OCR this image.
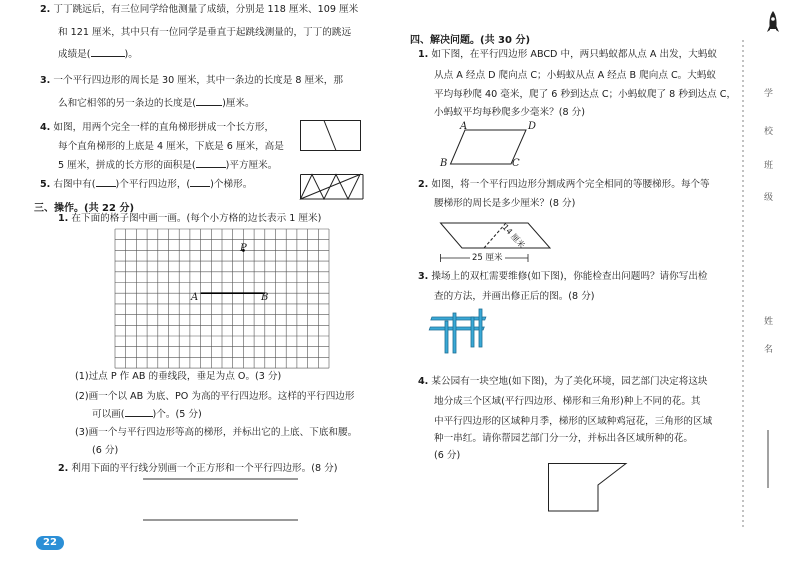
2. 丁丁跳远后，有三位同学给他测量了成绩，分别是 118 厘米、109 厘米
和 121 厘米，其中只有一位同学是垂直于起跳线测量的，丁丁的跳远
成绩是(	)。
3. 一个平行四边形的周长是 30 厘米，其中一条边的长度是 8 厘米，那
么和它相邻的另一条边的长度是(	)厘米。
4. 如图，用两个完全一样的直角梯形拼成一个长方形，
每个直角梯形的上底是 4 厘米，下底是 6 厘米，高是
5 厘米，拼成的长方形的面积是(	)平方厘米。
5. 右图中有( )个平行四边形，( )个梯形。
三、操作。(共 22 分)
1. 在下面的格子图中画一画。(每个小方格的边长表示 1 厘米)
P
A	B
(1)过点 P 作 AB 的垂线段，垂足为点 O。(3 分)
(2)画一个以 AB 为底、PO 为高的平行四边形。这样的平行四边形
可以画(	)个。(5 分)
(3)画一个与平行四边形等高的梯形，并标出它的上底、下底和腰。
(6 分)
2. 利用下面的平行线分别画一个正方形和一个平行四边形。(8 分)
22
四、解决问题。(共 30 分)
1. 如下图，在平行四边形 ABCD 中，两只蚂蚁都从点 A 出发，大蚂蚁
从点 A 经点 D 爬向点 C；小蚂蚁从点 A 经点 B 爬向点 C。大蚂蚁
平均每秒爬 40 毫米，爬了 6 秒到达点 C；小蚂蚁爬了 8 秒到达点 C，
小蚂蚁平均每秒爬多少毫米？(8 分)
A	D
B	C
2. 如图，将一个平行四边形分割成两个完全相同的等腰梯形。每个等
腰梯形的周长是多少厘米？(8 分)
14 厘米
25 厘米
3. 操场上的双杠需要维修(如下图)，你能检查出问题吗？请你写出检
查的方法，并画出修正后的图。(8 分)
4. 某公园有一块空地(如下图)，为了美化环境，园艺部门决定将这块
地分成三个区域(平行四边形、梯形和三角形)种上不同的花。其
中平行四边形的区域种月季，梯形的区域种鸡冠花，三角形的区域
种一串红。请你帮园艺部门分一分，并标出各区域所种的花。
(6 分)
学
校
班
级
姓
名
